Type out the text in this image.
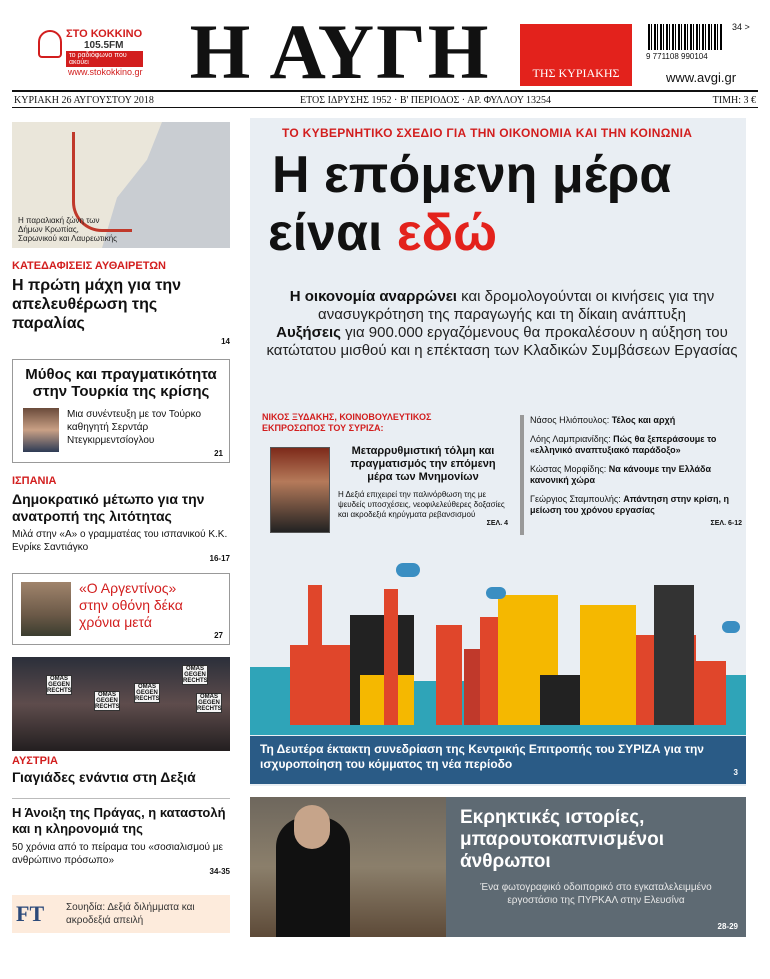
ΣΤΟ ΚΟΚΚΙΝΟ
105.5FM
το ραδιόφωνο που ακούει
www.stokokkino.gr Η ΑΥΓΗ	ΤΗΣ ΚΥΡΙΑΚΗΣ
34 >
9 771108 990104
www.avgi.gr
ΚΥΡΙΑΚΗ 26 ΑΥΓΟΥΣΤΟΥ 2018	ΕΤΟΣ ΙΔΡΥΣΗΣ 1952 · Β' ΠΕΡΙΟΔΟΣ · ΑΡ. ΦΥΛΛΟΥ 13254	ΤΙΜΗ: 3 €
Η παραλιακή ζώνη των Δήμων Κρωπίας, Σαρωνικού και Λαυρεωτικής
ΚΑΤΕΔΑΦΙΣΕΙΣ ΑΥΘΑΙΡΕΤΩΝ
Η πρώτη μάχη για την απελευθέρωση της παραλίας
14
Μύθος και πραγματικότητα στην Τουρκία της κρίσης
Μια συνέντευξη με τον Τούρκο καθηγητή Σερντάρ Ντεγκιρμεντσίογλου
21
ΙΣΠΑΝΙΑ
Δημοκρατικό μέτωπο για την ανατροπή της λιτότητας
Μιλά στην «Α» ο γραμματέας του ισπανικού Κ.Κ. Ενρίκε Σαντιάγκο
16-17
«Ο Αργεντίνος» στην οθόνη δέκα χρόνια μετά
27
OMAS GEGEN RECHTS
OMAS GEGEN RECHTS
OMAS GEGEN RECHTS
OMAS GEGEN RECHTS
OMAS GEGEN RECHTS
ΑΥΣΤΡΙΑ
Γιαγιάδες ενάντια στη Δεξιά
Η Άνοιξη της Πράγας, η καταστολή και η κληρονομιά της
50 χρόνια από το πείραμα του «σοσιαλισμού με ανθρώπινο πρόσωπο»
34-35
FT Σουηδία: Δεξιά διλήμματα και ακροδεξιά απειλή
ΤΟ ΚΥΒΕΡΝΗΤΙΚΟ ΣΧΕΔΙΟ ΓΙΑ ΤΗΝ ΟΙΚΟΝΟΜΙΑ ΚΑΙ ΤΗΝ ΚΟΙΝΩΝΙΑ
Η επόμενη μέρα
είναι εδώ
Η οικονομία αναρρώνει και δρομολογούνται οι κινήσεις για την ανασυγκρότηση της παραγωγής και τη δίκαιη ανάπτυξη
Αυξήσεις για 900.000 εργαζόμενους θα προκαλέσουν η αύξηση του κατώτατου μισθού και η επέκταση των Κλαδικών Συμβάσεων Εργασίας
ΝΙΚΟΣ ΞΥΔΑΚΗΣ, ΚΟΙΝΟΒΟΥΛΕΥΤΙΚΟΣ ΕΚΠΡΟΣΩΠΟΣ ΤΟΥ ΣΥΡΙΖΑ:
Μεταρρυθμιστική τόλμη και πραγματισμός την επόμενη μέρα των Μνημονίων
Η Δεξιά επιχειρεί την παλινόρθωση της με ψευδείς υποσχέσεις, νεοφιλελεύθερες δοξασίες και ακροδεξιά κηρύγματα ρεβανσισμού
ΣΕΛ. 4
Νάσος Ηλιόπουλος: Τέλος και αρχή
Λόης Λαμπριανίδης: Πώς θα ξεπεράσουμε το «ελληνικό αναπτυξιακό παράδοξο»
Κώστας Μορφίδης: Να κάνουμε την Ελλάδα κανονική χώρα
Γεώργιος Σταμπουλής: Απάντηση στην κρίση, η μείωση του χρόνου εργασίας
ΣΕΛ. 6-12
Τη Δευτέρα έκτακτη συνεδρίαση της Κεντρικής Επιτροπής του ΣΥΡΙΖΑ για την ισχυροποίηση του κόμματος τη νέα περίοδο
3
Εκρηκτικές ιστορίες, μπαρουτοκαπνισμένοι άνθρωποι
Ένα φωτογραφικό οδοιπορικό στο εγκαταλελειμμένο εργοστάσιο της ΠΥΡΚΑΛ στην Ελευσίνα
28-29
